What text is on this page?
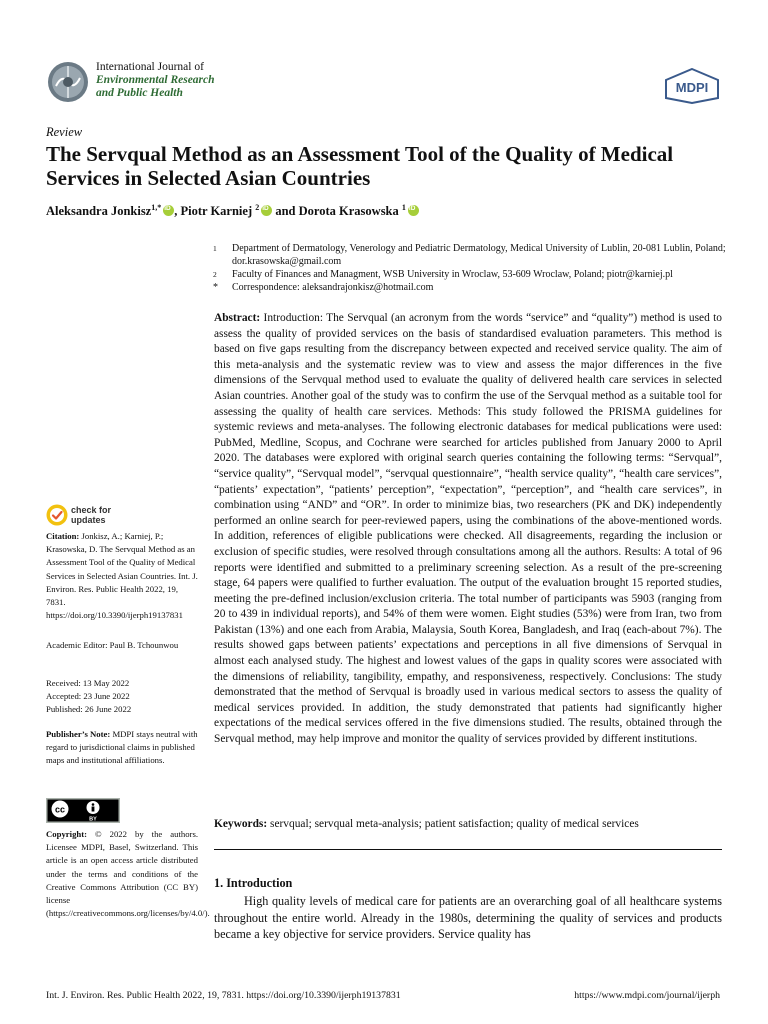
International Journal of
Environmental Research
and Public Health	MDPI
Review
The Servqual Method as an Assessment Tool of the Quality of Medical Services in Selected Asian Countries
Aleksandra Jonkisz$^{1,*}$iD , Piotr Karniej $^2$iD and Dorota Krasowska $^1$iD
1	Department of Dermatology, Venerology and Pediatric Dermatology, Medical University of Lublin, 20-081 Lublin, Poland; dor.krasowska@gmail.com
2	Faculty of Finances and Managment, WSB University in Wroclaw, 53-609 Wroclaw, Poland; piotr@karniej.pl
*	Correspondence: aleksandrajonkisz@hotmail.com
Abstract: Introduction: The Servqual (an acronym from the words “service” and “quality”) method is used to assess the quality of provided services on the basis of standardised evaluation parameters. This method is based on five gaps resulting from the discrepancy between expected and received service quality. The aim of this meta-analysis and the systematic review was to view and assess the major differences in the five dimensions of the Servqual method used to evaluate the quality of delivered health care services in selected Asian countries. Another goal of the study was to confirm the use of the Servqual method as a suitable tool for assessing the quality of health care services. Methods: This study followed the PRISMA guidelines for systemic reviews and meta-analyses. The following electronic databases for medical publications were used: PubMed, Medline, Scopus, and Cochrane were searched for articles published from January 2000 to April 2020. The databases were explored with original search queries containing the following terms: “Servqual”, “service quality”, “Servqual model”, “servqual questionnaire”, “health service quality”, “health care services”, “patients’ expectation”, “patients’ perception”, “expectation”, “perception”, and “health care services”, in combination using “AND” and “OR”. In order to minimize bias, two researchers (PK and DK) independently performed an online search for peer-reviewed papers, using the combinations of the above-mentioned words. In addition, references of eligible publications were checked. All disagreements, regarding the inclusion or exclusion of specific studies, were resolved through consultations among all the authors. Results: A total of 96 reports were identified and submitted to a preliminary screening selection. As a result of the pre-screening stage, 64 papers were qualified to further evaluation. The output of the evaluation brought 15 reported studies, meeting the pre-defined inclusion/exclusion criteria. The total number of participants was 5903 (ranging from 20 to 439 in individual reports), and 54% of them were women. Eight studies (53%) were from Iran, two from Pakistan (13%) and one each from Arabia, Malaysia, South Korea, Bangladesh, and Iraq (each-about 7%). The results showed gaps between patients’ expectations and perceptions in all five dimensions of Servqual in almost each analysed study. The highest and lowest values of the gaps in quality scores were associated with the dimensions of reliability, tangibility, empathy, and responsiveness, respectively. Conclusions: The study demonstrated that the method of Servqual is broadly used in various medical sectors to assess the quality of medical services provided. In addition, the study demonstrated that patients had significantly higher expectations of the medical services offered in the five dimensions studied. The results, obtained through the Servqual method, may help improve and monitor the quality of services provided by different institutions.
Keywords: servqual; servqual meta-analysis; patient satisfaction; quality of medical services
1. Introduction
High quality levels of medical care for patients are an overarching goal of all healthcare systems throughout the entire world. Already in the 1980s, determining the quality of services and products became a key objective for service providers. Service quality has
check for
updates
Citation: Jonkisz, A.; Karniej, P.; Krasowska, D. The Servqual Method as an Assessment Tool of the Quality of Medical Services in Selected Asian Countries. Int. J. Environ. Res. Public Health 2022, 19, 7831. https://doi.org/10.3390/ijerph19137831
Academic Editor: Paul B. Tchounwou
Received: 13 May 2022
Accepted: 23 June 2022
Published: 26 June 2022
Publisher’s Note: MDPI stays neutral with regard to jurisdictional claims in published maps and institutional affiliations.
cc
BY
Copyright: © 2022 by the authors. Licensee MDPI, Basel, Switzerland. This article is an open access article distributed under the terms and conditions of the Creative Commons Attribution (CC BY) license (https://creativecommons.org/licenses/by/4.0/).
Int. J. Environ. Res. Public Health 2022, 19, 7831. https://doi.org/10.3390/ijerph19137831	https://www.mdpi.com/journal/ijerph
